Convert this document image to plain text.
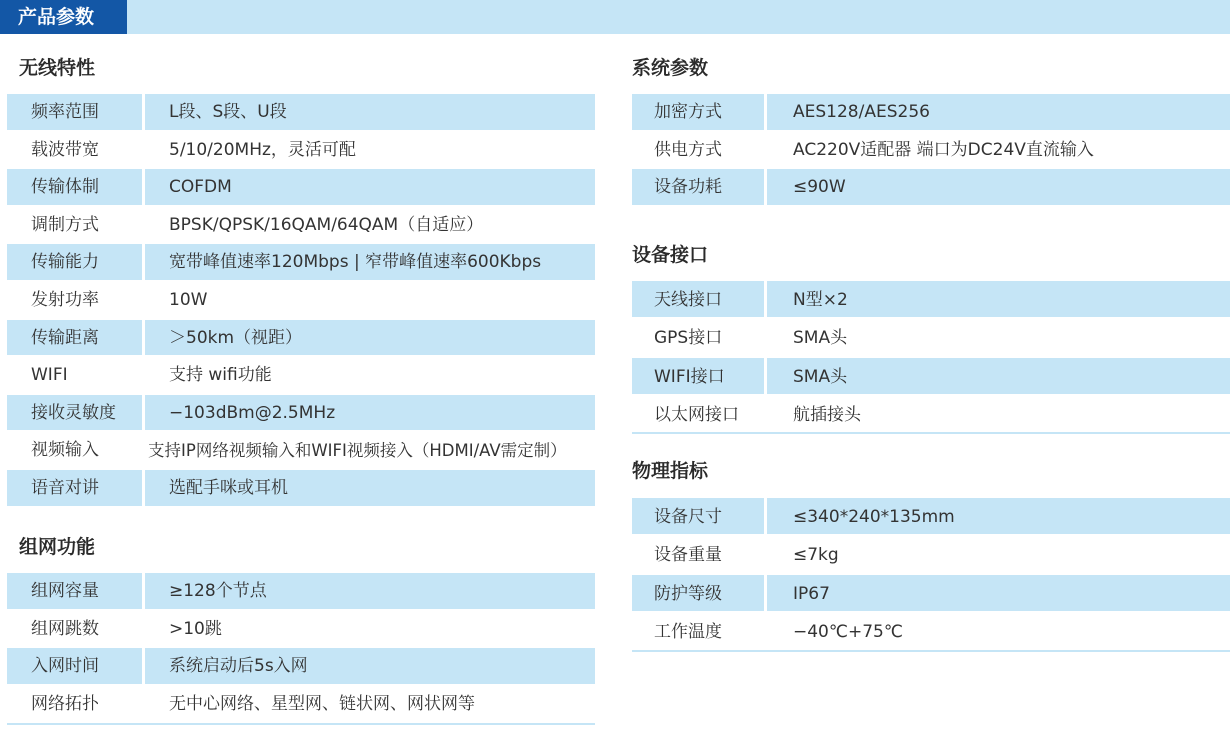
产品参数
无线特性
频率范围	L段、S段、U段
载波带宽	5/10/20MHz，灵活可配
传输体制	COFDM
调制方式	BPSK/QPSK/16QAM/64QAM（自适应）
传输能力	宽带峰值速率120Mbps | 窄带峰值速率600Kbps
发射功率	10W
传输距离	＞50km（视距）
WIFI	支持 wifi功能
接收灵敏度	−103dBm@2.5MHz
视频输入	支持IP网络视频输入和WIFI视频接入（HDMI/AV需定制）
语音对讲	选配手咪或耳机
组网功能
组网容量	≥128个节点
组网跳数	>10跳
入网时间	系统启动后5s入网
网络拓扑	无中心网络、星型网、链状网、网状网等
系统参数
加密方式	AES128/AES256
供电方式	AC220V适配器 端口为DC24V直流输入
设备功耗	≤90W
设备接口
天线接口	N型×2
GPS接口	SMA头
WIFI接口	SMA头
以太网接口	航插接头
物理指标
设备尺寸	≤340*240*135mm
设备重量	≤7kg
防护等级	IP67
工作温度	−40℃+75℃
